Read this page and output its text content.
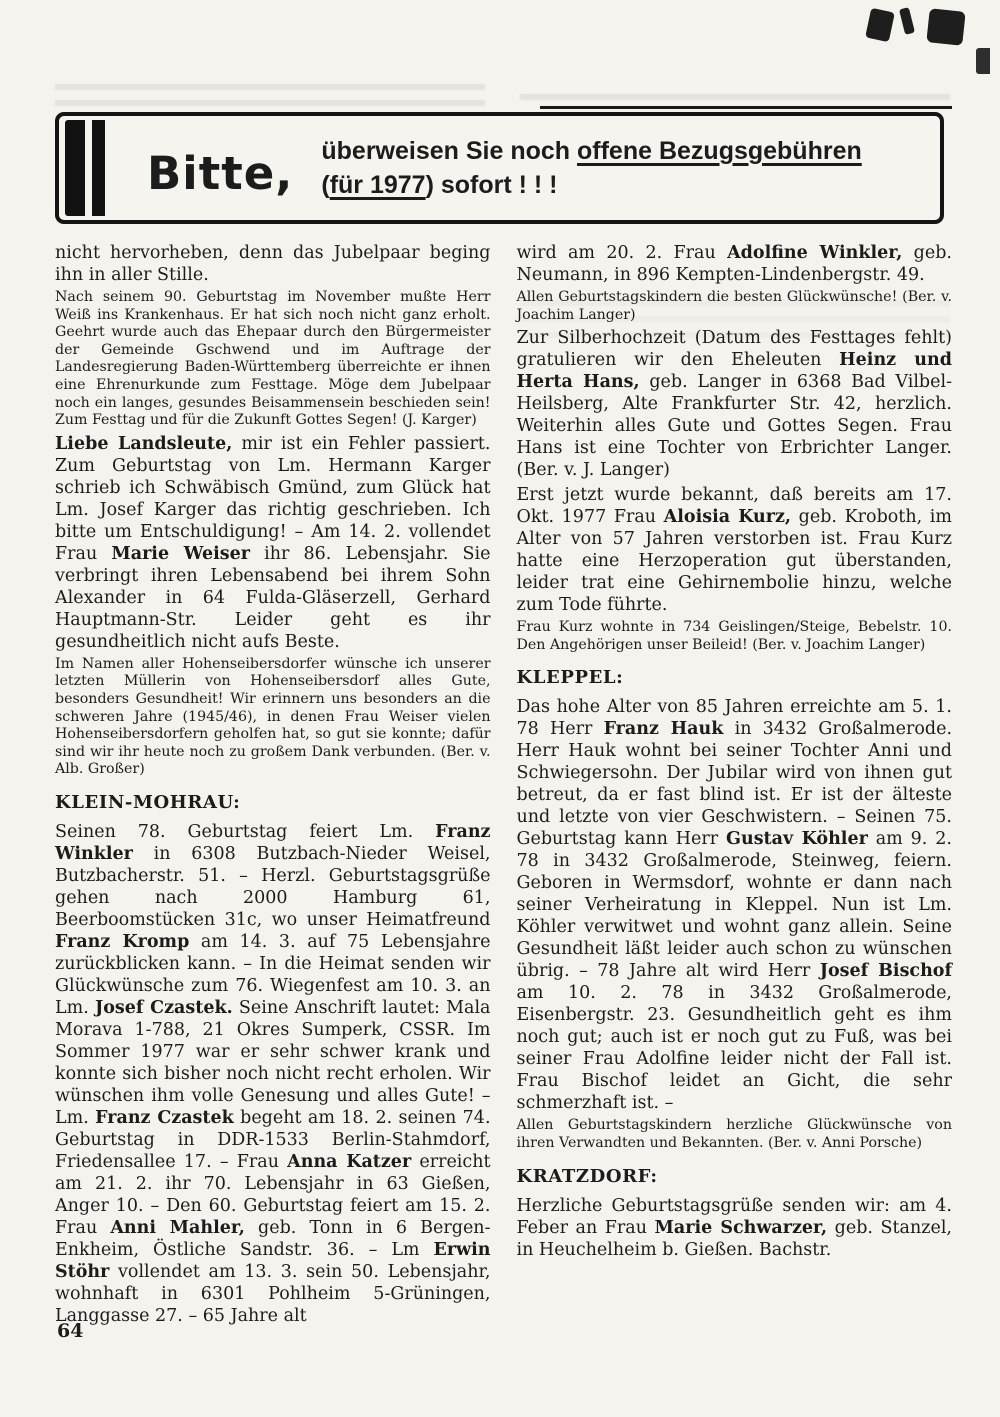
Bitte, überweisen Sie noch offene Bezugsgebühren
(für 1977) sofort ! ! !

nicht hervorheben, denn das Jubelpaar beging ihn in aller Stille.

Nach seinem 90. Geburtstag im November mußte Herr Weiß ins Krankenhaus. Er hat sich noch nicht ganz erholt. Geehrt wurde auch das Ehepaar durch den Bürgermeister der Gemeinde Gschwend und im Auftrage der Landesregierung Baden-Württemberg überreichte er ihnen eine Ehrenurkunde zum Festtage. Möge dem Jubelpaar noch ein langes, gesundes Beisammensein beschieden sein! Zum Festtag und für die Zukunft Gottes Segen! (J. Karger)

Liebe Landsleute, mir ist ein Fehler passiert. Zum Geburtstag von Lm. Hermann Karger schrieb ich Schwäbisch Gmünd, zum Glück hat Lm. Josef Karger das richtig geschrieben. Ich bitte um Entschuldigung! – Am 14. 2. vollendet Frau Marie Weiser ihr 86. Lebensjahr. Sie verbringt ihren Lebensabend bei ihrem Sohn Alexander in 64 Fulda-Gläserzell, Gerhard Hauptmann-Str. Leider geht es ihr gesundheitlich nicht aufs Beste.

Im Namen aller Hohenseibersdorfer wünsche ich unserer letzten Müllerin von Hohenseibersdorf alles Gute, besonders Gesundheit! Wir erinnern uns besonders an die schweren Jahre (1945/46), in denen Frau Weiser vielen Hohenseibersdorfern geholfen hat, so gut sie konnte; dafür sind wir ihr heute noch zu großem Dank verbunden. (Ber. v. Alb. Großer)

KLEIN-MOHRAU:

Seinen 78. Geburtstag feiert Lm. Franz Winkler in 6308 Butzbach-Nieder Weisel, Butzbacherstr. 51. – Herzl. Geburtstagsgrüße gehen nach 2000 Hamburg 61, Beerboomstücken 31c, wo unser Heimatfreund Franz Kromp am 14. 3. auf 75 Lebensjahre zurückblicken kann. – In die Heimat senden wir Glückwünsche zum 76. Wiegenfest am 10. 3. an Lm. Josef Czastek. Seine Anschrift lautet: Mala Morava 1-788, 21 Okres Sumperk, CSSR. Im Sommer 1977 war er sehr schwer krank und konnte sich bisher noch nicht recht erholen. Wir wünschen ihm volle Genesung und alles Gute! – Lm. Franz Czastek begeht am 18. 2. seinen 74. Geburtstag in DDR-1533 Berlin-Stahmdorf, Friedensallee 17. – Frau Anna Katzer erreicht am 21. 2. ihr 70. Lebensjahr in 63 Gießen, Anger 10. – Den 60. Geburtstag feiert am 15. 2. Frau Anni Mahler, geb. Tonn in 6 Bergen-Enkheim, Östliche Sandstr. 36. – Lm Erwin Stöhr vollendet am 13. 3. sein 50. Lebensjahr, wohnhaft in 6301 Pohlheim 5-Grüningen, Langgasse 27. – 65 Jahre alt

wird am 20. 2. Frau Adolfine Winkler, geb. Neumann, in 896 Kempten-Lindenbergstr. 49.

Allen Geburtstagskindern die besten Glückwünsche! (Ber. v. Joachim Langer)

Zur Silberhochzeit (Datum des Festtages fehlt) gratulieren wir den Eheleuten Heinz und Herta Hans, geb. Langer in 6368 Bad Vilbel-Heilsberg, Alte Frankfurter Str. 42, herzlich. Weiterhin alles Gute und Gottes Segen. Frau Hans ist eine Tochter von Erbrichter Langer. (Ber. v. J. Langer)

Erst jetzt wurde bekannt, daß bereits am 17. Okt. 1977 Frau Aloisia Kurz, geb. Kroboth, im Alter von 57 Jahren verstorben ist. Frau Kurz hatte eine Herzoperation gut überstanden, leider trat eine Gehirnembolie hinzu, welche zum Tode führte.

Frau Kurz wohnte in 734 Geislingen/Steige, Bebelstr. 10. Den Angehörigen unser Beileid! (Ber. v. Joachim Langer)

KLEPPEL:

Das hohe Alter von 85 Jahren erreichte am 5. 1. 78 Herr Franz Hauk in 3432 Großalmerode. Herr Hauk wohnt bei seiner Tochter Anni und Schwiegersohn. Der Jubilar wird von ihnen gut betreut, da er fast blind ist. Er ist der älteste und letzte von vier Geschwistern. – Seinen 75. Geburtstag kann Herr Gustav Köhler am 9. 2. 78 in 3432 Großalmerode, Steinweg, feiern. Geboren in Wermsdorf, wohnte er dann nach seiner Verheiratung in Kleppel. Nun ist Lm. Köhler verwitwet und wohnt ganz allein. Seine Gesundheit läßt leider auch schon zu wünschen übrig. – 78 Jahre alt wird Herr Josef Bischof am 10. 2. 78 in 3432 Großalmerode, Eisenbergstr. 23. Gesundheitlich geht es ihm noch gut; auch ist er noch gut zu Fuß, was bei seiner Frau Adolfine leider nicht der Fall ist. Frau Bischof leidet an Gicht, die sehr schmerzhaft ist. –

Allen Geburtstagskindern herzliche Glückwünsche von ihren Verwandten und Bekannten. (Ber. v. Anni Porsche)

KRATZDORF:

Herzliche Geburtstagsgrüße senden wir: am 4. Feber an Frau Marie Schwarzer, geb. Stanzel, in Heuchelheim b. Gießen. Bachstr.

64
